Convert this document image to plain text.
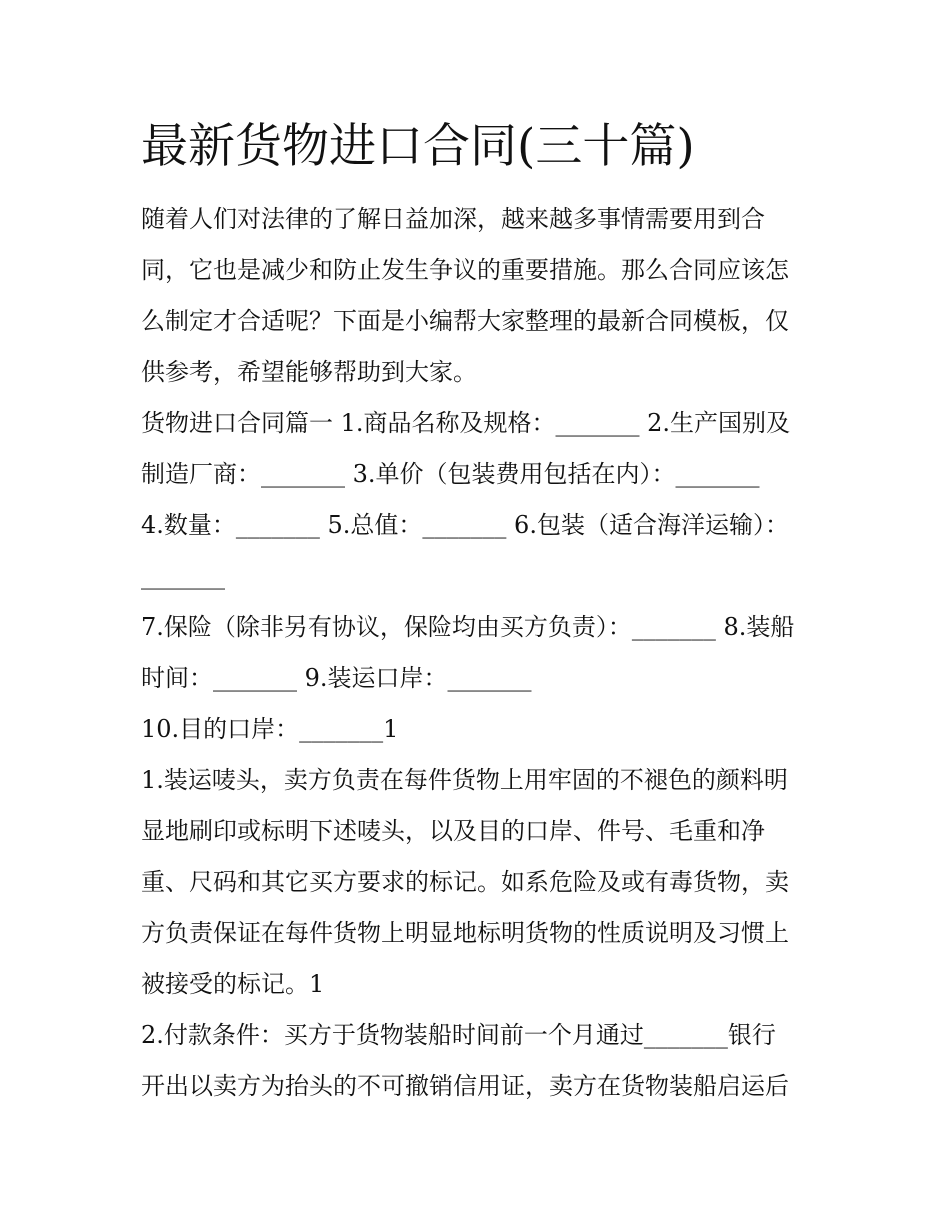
最新货物进口合同(三十篇)

随着人们对法律的了解日益加深，越来越多事情需要用到合

同，它也是减少和防止发生争议的重要措施。那么合同应该怎

么制定才合适呢？下面是小编帮大家整理的最新合同模板，仅

供参考，希望能够帮助到大家。

货物进口合同篇一 1.商品名称及规格：_______ 2.生产国别及

制造厂商：_______ 3.单价（包装费用包括在内）：_______

4.数量：_______ 5.总值：_______ 6.包装（适合海洋运输）：

_______

7.保险（除非另有协议，保险均由买方负责）：_______ 8.装船

时间：_______ 9.装运口岸：_______

10.目的口岸：_______1

1.装运唛头，卖方负责在每件货物上用牢固的不褪色的颜料明

显地刷印或标明下述唛头，以及目的口岸、件号、毛重和净

重、尺码和其它买方要求的标记。如系危险及或有毒货物，卖

方负责保证在每件货物上明显地标明货物的性质说明及习惯上

被接受的标记。1

2.付款条件：买方于货物装船时间前一个月通过_______银行

开出以卖方为抬头的不可撤销信用证，卖方在货物装船启运后
